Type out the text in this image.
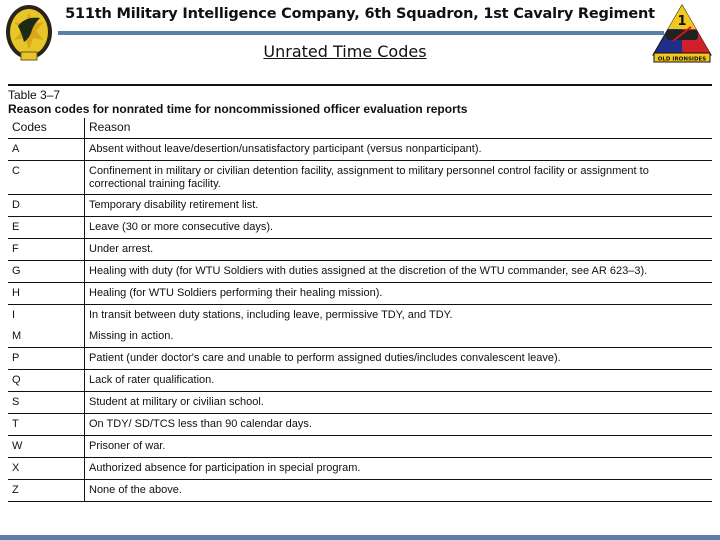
511th Military Intelligence Company, 6th Squadron, 1st Cavalry Regiment
Unrated Time Codes
1
OLD IRONSIDES
Table 3–7
Reason codes for nonrated time for noncommissioned officer evaluation reports
Codes	Reason
A	Absent without leave/desertion/unsatisfactory participant (versus nonparticipant).
C	Confinement in military or civilian detention facility, assignment to military personnel control facility or assignment to correctional training facility.
D	Temporary disability retirement list.
E	Leave (30 or more consecutive days).
F	Under arrest.
G	Healing with duty (for WTU Soldiers with duties assigned at the discretion of the WTU commander, see AR 623–3).
H	Healing (for WTU Soldiers performing their healing mission).
I	In transit between duty stations, including leave, permissive TDY, and TDY.
M	Missing in action.
P	Patient (under doctor's care and unable to perform assigned duties/includes convalescent leave).
Q	Lack of rater qualification.
S	Student at military or civilian school.
T	On TDY/ SD/TCS less than 90 calendar days.
W	Prisoner of war.
X	Authorized absence for participation in special program.
Z	None of the above.
